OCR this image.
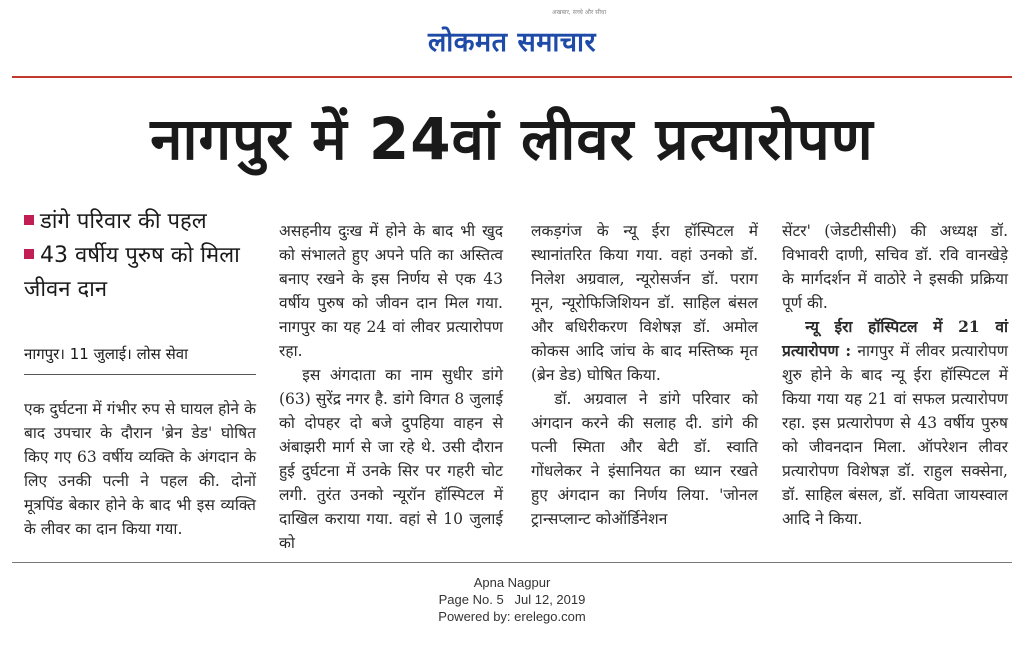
अखबार, सच्चे और सीधा
लोकमत समाचार
नागपुर में 24वां लीवर प्रत्यारोपण
डांगे परिवार की पहल
43 वर्षीय पुरुष को मिला जीवन दान
नागपुर। 11 जुलाई। लोस सेवा

एक दुर्घटना में गंभीर रुप से घायल होने के बाद उपचार के दौरान 'ब्रेन डेड' घोषित किए गए 63 वर्षीय व्यक्ति के अंगदान के लिए उनकी पत्नी ने पहल की. दोनों मूत्रपिंड बेकार होने के बाद भी इस व्यक्ति के लीवर का दान किया गया.

असहनीय दुःख में होने के बाद भी खुद को संभालते हुए अपने पति का अस्तित्व बनाए रखने के इस निर्णय से एक 43 वर्षीय पुरुष को जीवन दान मिल गया. नागपुर का यह 24 वां लीवर प्रत्यारोपण रहा.

इस अंगदाता का नाम सुधीर डांगे (63) सुरेंद्र नगर है. डांगे विगत 8 जुलाई को दोपहर दो बजे दुपहिया वाहन से अंबाझरी मार्ग से जा रहे थे. उसी दौरान हुई दुर्घटना में उनके सिर पर गहरी चोट लगी. तुरंत उनको न्यूरॉन हॉस्पिटल में दाखिल कराया गया. वहां से 10 जुलाई को

लकड़गंज के न्यू ईरा हॉस्पिटल में स्थानांतरित किया गया. वहां उनको डॉ. निलेश अग्रवाल, न्यूरोसर्जन डॉ. पराग मून, न्यूरोफिजिशियन डॉ. साहिल बंसल और बधिरीकरण विशेषज्ञ डॉ. अमोल कोकस आदि जांच के बाद मस्तिष्क मृत (ब्रेन डेड) घोषित किया.

डॉ. अग्रवाल ने डांगे परिवार को अंगदान करने की सलाह दी. डांगे की पत्नी स्मिता और बेटी डॉ. स्वाति गोंधलेकर ने इंसानियत का ध्यान रखते हुए अंगदान का निर्णय लिया. 'जोनल ट्रान्सप्लान्ट कोऑर्डिनेशन

सेंटर' (जेडटीसीसी) की अध्यक्ष डॉ. विभावरी दाणी, सचिव डॉ. रवि वानखेड़े के मार्गदर्शन में वाठोरे ने इसकी प्रक्रिया पूर्ण की.

न्यू ईरा हॉस्पिटल में 21 वां प्रत्यारोपण : नागपुर में लीवर प्रत्यारोपण शुरु होने के बाद न्यू ईरा हॉस्पिटल में किया गया यह 21 वां सफल प्रत्यारोपण रहा. इस प्रत्यारोपण से 43 वर्षीय पुरुष को जीवनदान मिला. ऑपरेशन लीवर प्रत्यारोपण विशेषज्ञ डॉ. राहुल सक्सेना, डॉ. साहिल बंसल, डॉ. सविता जायस्वाल आदि ने किया.

Apna Nagpur
Page No. 5   Jul 12, 2019
Powered by: erelego.com
